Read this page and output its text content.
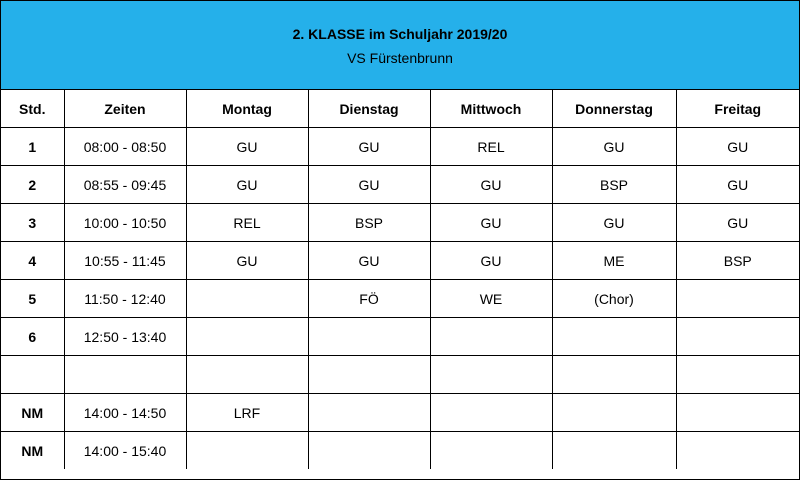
2. KLASSE im Schuljahr 2019/20
VS Fürstenbrunn
Std.	Zeiten	Montag	Dienstag	Mittwoch	Donnerstag	Freitag
1	08:00 - 08:50	GU	GU	REL	GU	GU
2	08:55 - 09:45	GU	GU	GU	BSP	GU
3	10:00 - 10:50	REL	BSP	GU	GU	GU
4	10:55 - 11:45	GU	GU	GU	ME	BSP
5	11:50 - 12:40		FÖ	WE	(Chor)	
6	12:50 - 13:40					

NM	14:00 - 14:50	LRF				
NM	14:00 - 15:40					
